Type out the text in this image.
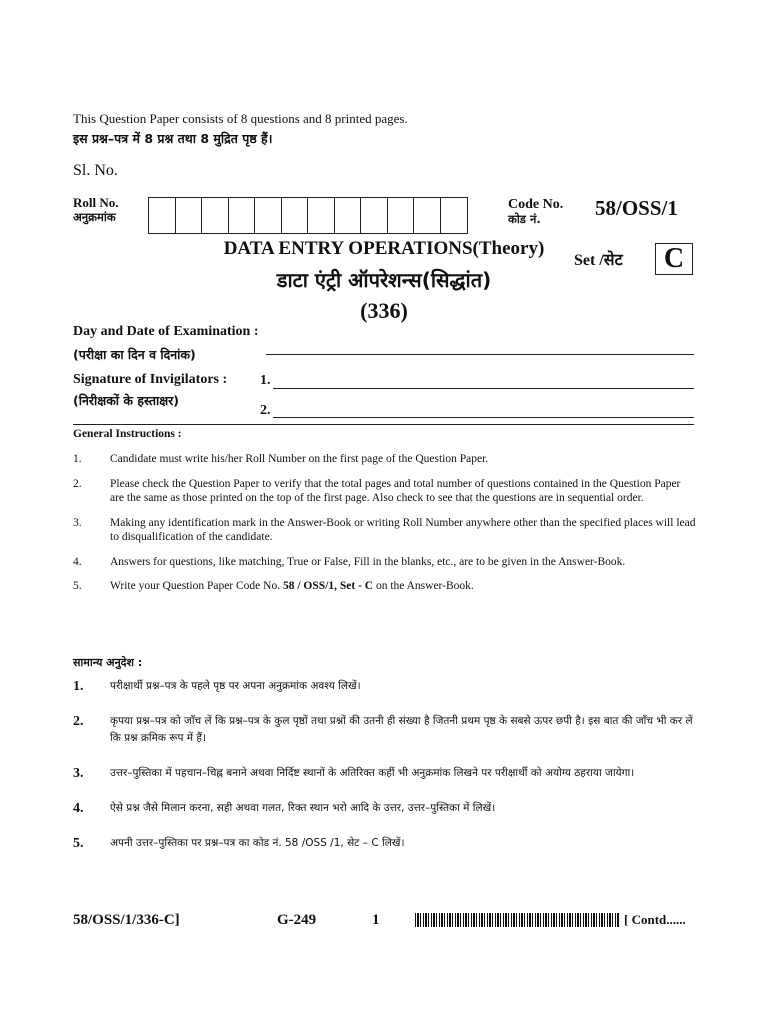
This Question Paper consists of 8 questions and 8 printed pages.
इस प्रश्न–पत्र में 8 प्रश्न तथा 8 मुद्रित पृष्ठ हैं।
Sl. No.
Roll No.
अनुक्रमांक
Code No.
कोड नं.	58/OSS/1
DATA ENTRY OPERATIONS(Theory)
Set /सेट	C
डाटा एंट्री ऑपरेशन्स(सिद्धांत)
(336)
Day and Date of Examination :
(परीक्षा का दिन व दिनांक)
Signature of Invigilators :
(निरीक्षकों के हस्ताक्षर)
1.
2.
General Instructions :
1.	Candidate must write his/her Roll Number on the first page of the Question Paper.
2.	Please check the Question Paper to verify that the total pages and total number of questions contained in the Question Paper are the same as those printed on the top of the first page. Also check to see that the questions are in sequential order.
3.	Making any identification mark in the Answer-Book or writing Roll Number anywhere other than the specified places will lead to disqualification of the candidate.
4.	Answers for questions, like matching, True or False, Fill in the blanks, etc., are to be given in the Answer-Book.
5.	Write your Question Paper Code No. 58 / OSS/1, Set - C on the Answer-Book.
सामान्य अनुदेश :
1.	परीक्षार्थी प्रश्न–पत्र के पहले पृष्ठ पर अपना अनुक्रमांक अवश्य लिखें।
2.	कृपया प्रश्न–पत्र को जाँच लें कि प्रश्न–पत्र के कुल पृष्ठों तथा प्रश्नों की उतनी ही संख्या है जितनी प्रथम पृष्ठ के सबसे ऊपर छपी है। इस बात की जाँच भी कर लें कि प्रश्न क्रमिक रूप में हैं।
3.	उत्तर–पुस्तिका में पहचान–चिह्न बनाने अथवा निर्दिष्ट स्थानों के अतिरिक्त कहीं भी अनुक्रमांक लिखने पर परीक्षार्थी को अयोग्य ठहराया जायेगा।
4.	ऐसे प्रश्न जैसे मिलान करना, सही अथवा गलत, रिक्त स्थान भरो आदि के उत्तर, उत्तर–पुस्तिका में लिखें।
5.	अपनी उत्तर–पुस्तिका पर प्रश्न–पत्र का कोड नं. 58 /OSS /1, सेट – C लिखें।
58/OSS/1/336-C]	G-249	1	[ Contd......
